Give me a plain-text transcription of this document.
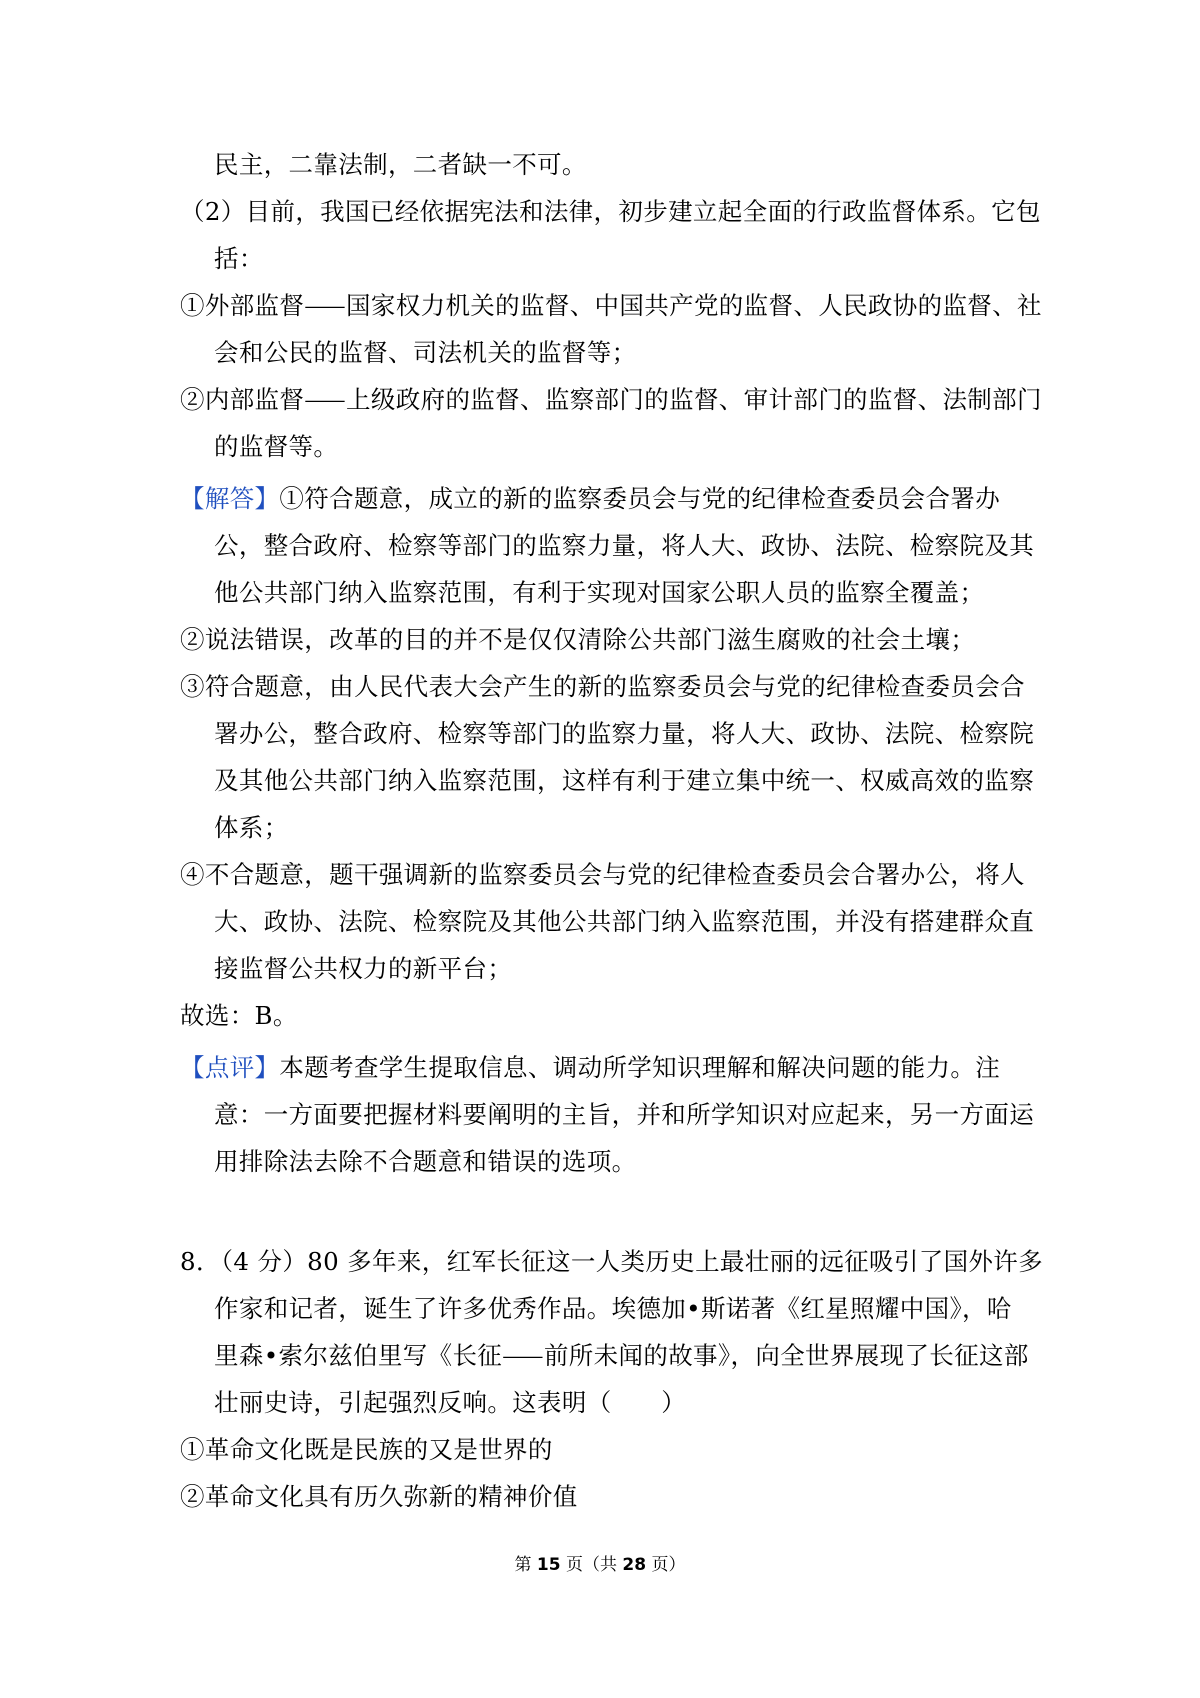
民主，二靠法制，二者缺一不可。
（2）目前，我国已经依据宪法和法律，初步建立起全面的行政监督体系。它包
括：
①外部监督⸺国家权力机关的监督、中国共产党的监督、人民政协的监督、社
会和公民的监督、司法机关的监督等；
②内部监督⸺上级政府的监督、监察部门的监督、审计部门的监督、法制部门
的监督等。
【解答】①符合题意，成立的新的监察委员会与党的纪律检查委员会合署办
公，整合政府、检察等部门的监察力量，将人大、政协、法院、检察院及其
他公共部门纳入监察范围，有利于实现对国家公职人员的监察全覆盖；
②说法错误，改革的目的并不是仅仅清除公共部门滋生腐败的社会土壤；
③符合题意，由人民代表大会产生的新的监察委员会与党的纪律检查委员会合
署办公，整合政府、检察等部门的监察力量，将人大、政协、法院、检察院
及其他公共部门纳入监察范围，这样有利于建立集中统一、权威高效的监察
体系；
④不合题意，题干强调新的监察委员会与党的纪律检查委员会合署办公，将人
大、政协、法院、检察院及其他公共部门纳入监察范围，并没有搭建群众直
接监督公共权力的新平台；
故选：B。
【点评】本题考查学生提取信息、调动所学知识理解和解决问题的能力。注
意：一方面要把握材料要阐明的主旨，并和所学知识对应起来，另一方面运
用排除法去除不合题意和错误的选项。
8．（4 分）80 多年来，红军长征这一人类历史上最壮丽的远征吸引了国外许多
作家和记者，诞生了许多优秀作品。埃德加•斯诺著《红星照耀中国》，哈
里森•索尔兹伯里写《长征⸺前所未闻的故事》，向全世界展现了长征这部
壮丽史诗，引起强烈反响。这表明（　　）
①革命文化既是民族的又是世界的
②革命文化具有历久弥新的精神价值
第 15 页（共 28 页）
